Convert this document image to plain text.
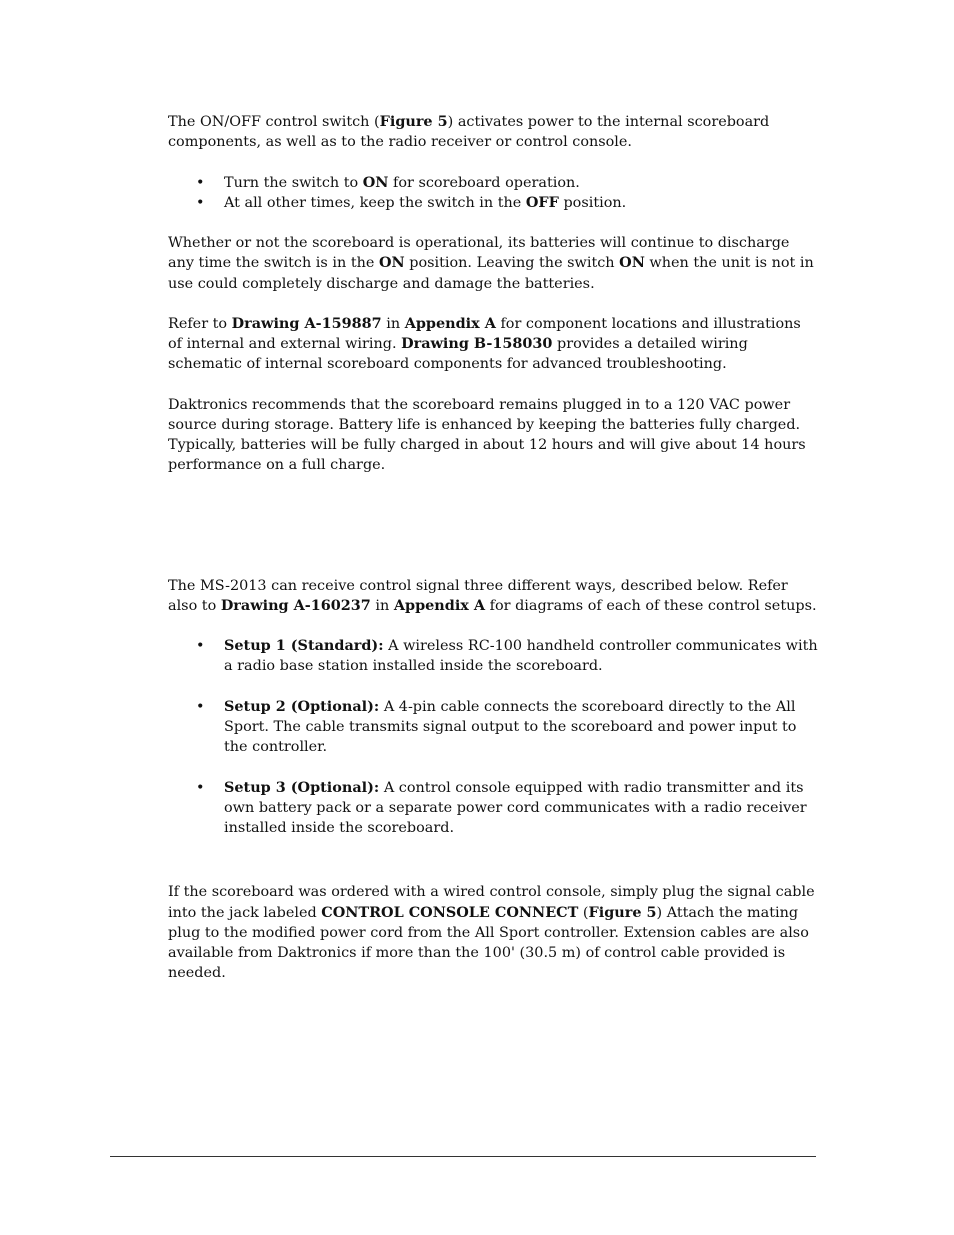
The ON/OFF control switch (Figure 5) activates power to the internal scoreboard components, as well as to the radio receiver or control console.

• Turn the switch to ON for scoreboard operation.
• At all other times, keep the switch in the OFF position.

Whether or not the scoreboard is operational, its batteries will continue to discharge any time the switch is in the ON position. Leaving the switch ON when the unit is not in use could completely discharge and damage the batteries.

Refer to Drawing A-159887 in Appendix A for component locations and illustrations of internal and external wiring. Drawing B-158030 provides a detailed wiring schematic of internal scoreboard components for advanced troubleshooting.

Daktronics recommends that the scoreboard remains plugged in to a 120 VAC power source during storage. Battery life is enhanced by keeping the batteries fully charged. Typically, batteries will be fully charged in about 12 hours and will give about 14 hours performance on a full charge.

The MS-2013 can receive control signal three different ways, described below. Refer also to Drawing A-160237 in Appendix A for diagrams of each of these control setups.

• Setup 1 (Standard): A wireless RC-100 handheld controller communicates with a radio base station installed inside the scoreboard.
• Setup 2 (Optional): A 4-pin cable connects the scoreboard directly to the All Sport. The cable transmits signal output to the scoreboard and power input to the controller.
• Setup 3 (Optional): A control console equipped with radio transmitter and its own battery pack or a separate power cord communicates with a radio receiver installed inside the scoreboard.

If the scoreboard was ordered with a wired control console, simply plug the signal cable into the jack labeled CONTROL CONSOLE CONNECT (Figure 5) Attach the mating plug to the modified power cord from the All Sport controller. Extension cables are also available from Daktronics if more than the 100' (30.5 m) of control cable provided is needed.
